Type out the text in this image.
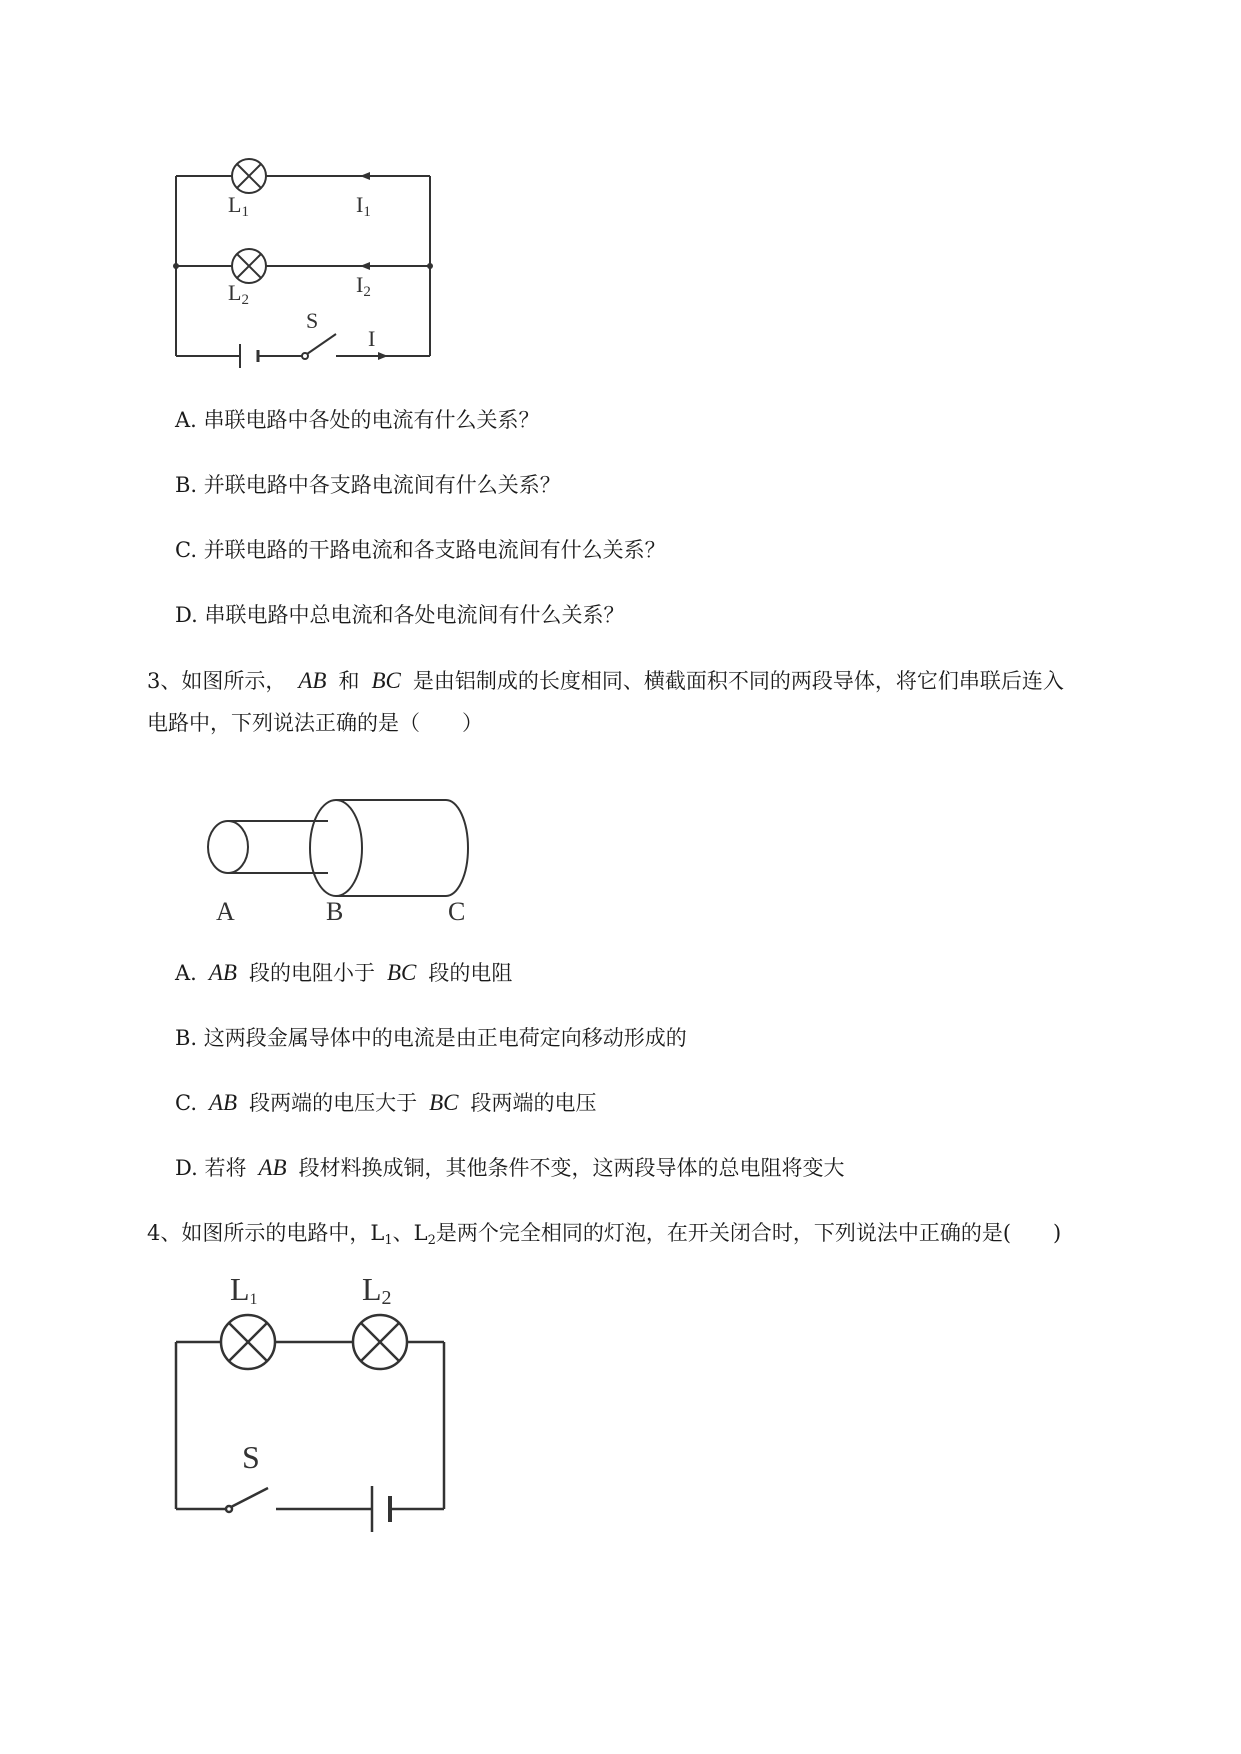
L1	I1
L2
I2
S
I
A. 串联电路中各处的电流有什么关系？
B. 并联电路中各支路电流间有什么关系？
C. 并联电路的干路电流和各支路电流间有什么关系？
D. 串联电路中总电流和各处电流间有什么关系？
3、如图所示， AB 和 BC 是由铝制成的长度相同、横截面积不同的两段导体，将它们串联后连入
电路中，下列说法正确的是（　　）
A	B	C
A. AB 段的电阻小于 BC 段的电阻
B. 这两段金属导体中的电流是由正电荷定向移动形成的
C. AB 段两端的电压大于 BC 段两端的电压
D. 若将 AB 段材料换成铜，其他条件不变，这两段导体的总电阻将变大
4、如图所示的电路中，$L_1$、$L_2$是两个完全相同的灯泡，在开关闭合时，下列说法中正确的是(　　)
L1	L2
S
